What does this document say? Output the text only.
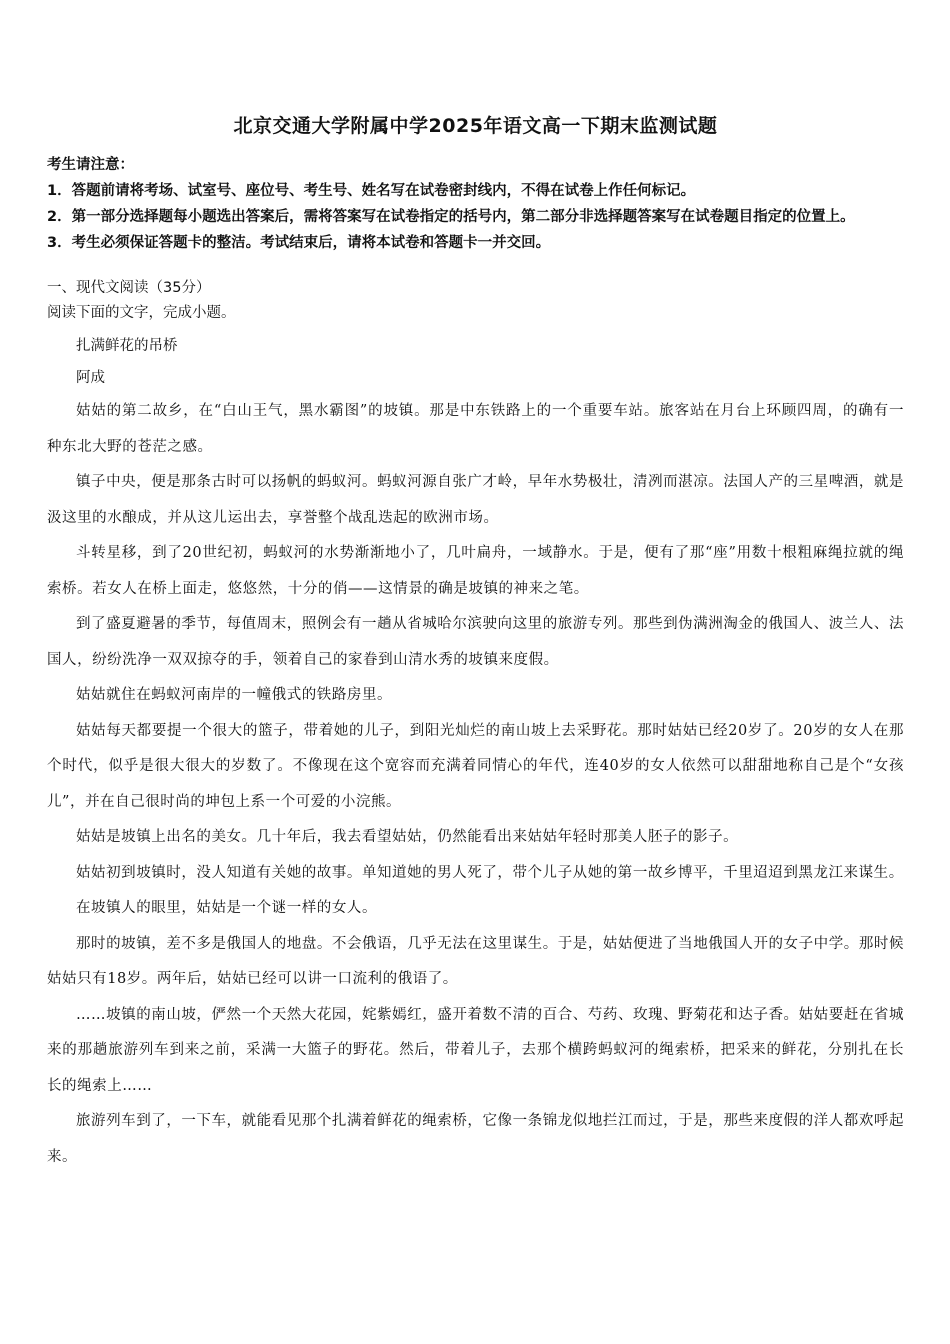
北京交通大学附属中学2025年语文高一下期末监测试题

考生请注意：

1．答题前请将考场、试室号、座位号、考生号、姓名写在试卷密封线内，不得在试卷上作任何标记。

2．第一部分选择题每小题选出答案后，需将答案写在试卷指定的括号内，第二部分非选择题答案写在试卷题目指定的位置上。

3．考生必须保证答题卡的整洁。考试结束后，请将本试卷和答题卡一并交回。

一、现代文阅读（35分）

阅读下面的文字，完成小题。

扎满鲜花的吊桥

阿成

姑姑的第二故乡，在“白山王气，黑水霸图”的坡镇。那是中东铁路上的一个重要车站。旅客站在月台上环顾四周，的确有一种东北大野的苍茫之感。

镇子中央，便是那条古时可以扬帆的蚂蚁河。蚂蚁河源自张广才岭，早年水势极壮，清冽而湛凉。法国人产的三星啤酒，就是汲这里的水酿成，并从这儿运出去，享誉整个战乱迭起的欧洲市场。

斗转星移，到了20世纪初，蚂蚁河的水势渐渐地小了，几叶扁舟，一域静水。于是，便有了那“座”用数十根粗麻绳拉就的绳索桥。若女人在桥上面走，悠悠然，十分的俏——这情景的确是坡镇的神来之笔。

到了盛夏避暑的季节，每值周末，照例会有一趟从省城哈尔滨驶向这里的旅游专列。那些到伪满洲淘金的俄国人、波兰人、法国人，纷纷洗净一双双掠夺的手，领着自己的家眷到山清水秀的坡镇来度假。

姑姑就住在蚂蚁河南岸的一幢俄式的铁路房里。

姑姑每天都要提一个很大的篮子，带着她的儿子，到阳光灿烂的南山坡上去采野花。那时姑姑已经20岁了。20岁的女人在那个时代，似乎是很大很大的岁数了。不像现在这个宽容而充满着同情心的年代，连40岁的女人依然可以甜甜地称自己是个“女孩儿”，并在自己很时尚的坤包上系一个可爱的小浣熊。

姑姑是坡镇上出名的美女。几十年后，我去看望姑姑，仍然能看出来姑姑年轻时那美人胚子的影子。

姑姑初到坡镇时，没人知道有关她的故事。单知道她的男人死了，带个儿子从她的第一故乡博平，千里迢迢到黑龙江来谋生。

在坡镇人的眼里，姑姑是一个谜一样的女人。

那时的坡镇，差不多是俄国人的地盘。不会俄语，几乎无法在这里谋生。于是，姑姑便进了当地俄国人开的女子中学。那时候姑姑只有18岁。两年后，姑姑已经可以讲一口流利的俄语了。

……坡镇的南山坡，俨然一个天然大花园，姹紫嫣红，盛开着数不清的百合、芍药、玫瑰、野菊花和达子香。姑姑要赶在省城来的那趟旅游列车到来之前，采满一大篮子的野花。然后，带着儿子，去那个横跨蚂蚁河的绳索桥，把采来的鲜花，分别扎在长长的绳索上……

旅游列车到了，一下车，就能看见那个扎满着鲜花的绳索桥，它像一条锦龙似地拦江而过，于是，那些来度假的洋人都欢呼起来。
